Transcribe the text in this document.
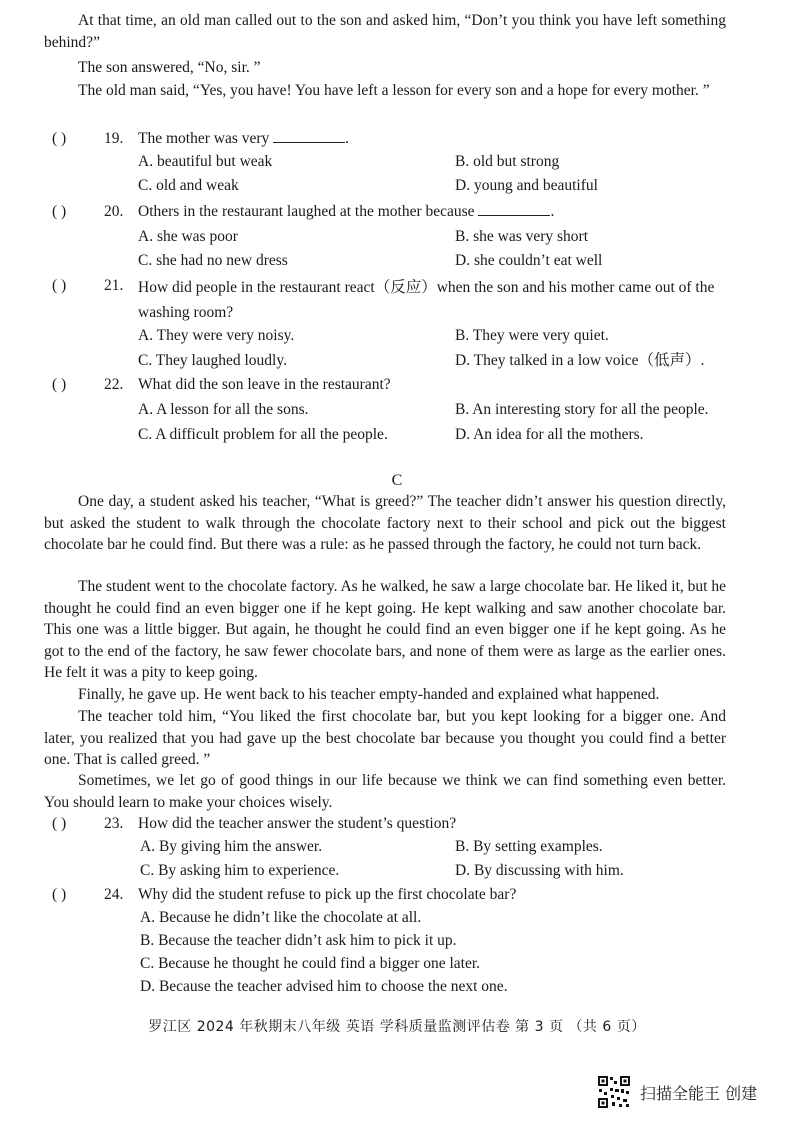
At that time, an old man called out to the son and asked him, “Don’t you think you have left something behind?”

The son answered, “No, sir. ”

The old man said, “Yes, you have! You have left a lesson for every son and a hope for every mother. ”

( ) 19. The mother was very	.
A. beautiful but weak	B. old but strong
C. old and weak	D. young and beautiful
( ) 20. Others in the restaurant laughed at the mother because	.
A. she was poor	B. she was very short
C. she had no new dress	D. she couldn’t eat well
( ) 21. How did people in the restaurant react（反应）when the son and his mother came out of the washing room?
A. They were very noisy.	B. They were very quiet.
C. They laughed loudly.	D. They talked in a low voice（低声）.
( ) 22. What did the son leave in the restaurant?
A. A lesson for all the sons.	B. An interesting story for all the people.
C. A difficult problem for all the people.	D. An idea for all the mothers.
C

One day, a student asked his teacher, “What is greed?” The teacher didn’t answer his question directly, but asked the student to walk through the chocolate factory next to their school and pick out the biggest chocolate bar he could find. But there was a rule: as he passed through the factory, he could not turn back.

The student went to the chocolate factory. As he walked, he saw a large chocolate bar. He liked it, but he thought he could find an even bigger one if he kept going. He kept walking and saw another chocolate bar. This one was a little bigger. But again, he thought he could find an even bigger one if he kept going. As he got to the end of the factory, he saw fewer chocolate bars, and none of them were as large as the earlier ones. He felt it was a pity to keep going.

Finally, he gave up. He went back to his teacher empty-handed and explained what happened.

The teacher told him, “You liked the first chocolate bar, but you kept looking for a bigger one. And later, you realized that you had gave up the best chocolate bar because you thought you could find a better one. That is called greed. ”

Sometimes, we let go of good things in our life because we think we can find something even better. You should learn to make your choices wisely.

( ) 23. How did the teacher answer the student’s question?
A. By giving him the answer.	B. By setting examples.
C. By asking him to experience.	D. By discussing with him.
( ) 24. Why did the student refuse to pick up the first chocolate bar?
A. Because he didn’t like the chocolate at all.
B. Because the teacher didn’t ask him to pick it up.
C. Because he thought he could find a bigger one later.
D. Because the teacher advised him to choose the next one.
罗江区 2024 年秋期末八年级 英语 学科质量监测评估卷 第 3 页 （共 6 页）
扫描全能王 创建
